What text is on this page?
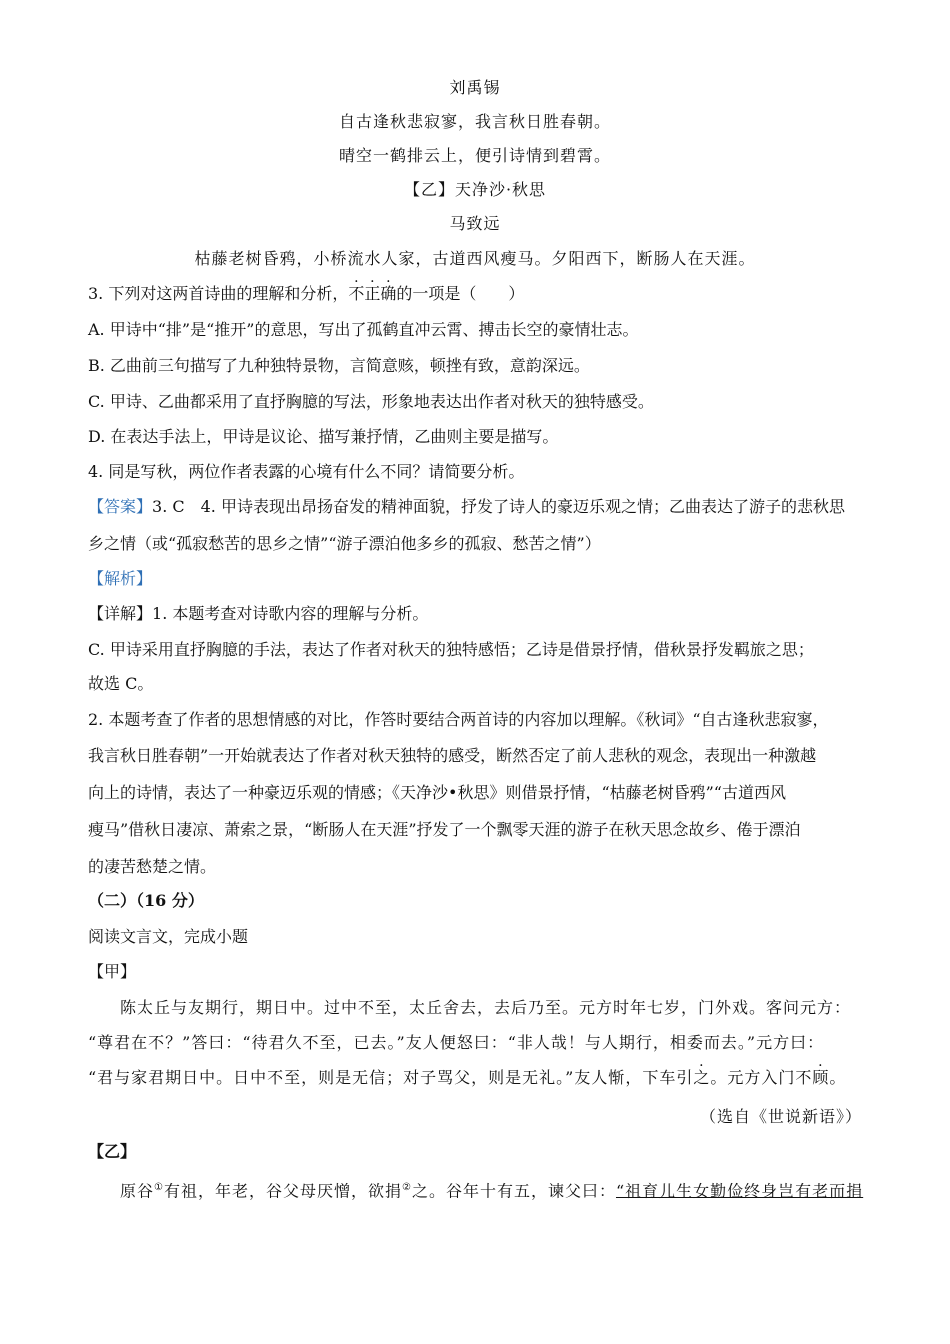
刘禹锡
自古逢秋悲寂寥，我言秋日胜春朝。
晴空一鹤排云上，便引诗情到碧霄。
【乙】天净沙·秋思
马致远
枯藤老树昏鸦，小桥流水人家，古道西风瘦马。夕阳西下，断肠人在天涯。
3. 下列对这两首诗曲的理解和分析，不正确的一项是（　　）
A. 甲诗中“排”是“推开”的意思，写出了孤鹤直冲云霄、搏击长空的豪情壮志。
B. 乙曲前三句描写了九种独特景物，言简意赅，顿挫有致，意韵深远。
C. 甲诗、乙曲都采用了直抒胸臆的写法，形象地表达出作者对秋天的独特感受。
D. 在表达手法上，甲诗是议论、描写兼抒情，乙曲则主要是描写。
4. 同是写秋，两位作者表露的心境有什么不同？请简要分析。
【答案】3. C　4. 甲诗表现出昂扬奋发的精神面貌，抒发了诗人的豪迈乐观之情；乙曲表达了游子的悲秋思
乡之情（或“孤寂愁苦的思乡之情”“游子漂泊他多乡的孤寂、愁苦之情”）
【解析】
【详解】1. 本题考查对诗歌内容的理解与分析。
C. 甲诗采用直抒胸臆的手法，表达了作者对秋天的独特感悟；乙诗是借景抒情，借秋景抒发羁旅之思；
故选 C。
2. 本题考查了作者的思想情感的对比，作答时要结合两首诗的内容加以理解。《秋词》“自古逢秋悲寂寥，
我言秋日胜春朝”一开始就表达了作者对秋天独特的感受，断然否定了前人悲秋的观念，表现出一种激越
向上的诗情，表达了一种豪迈乐观的情感；《天净沙•秋思》则借景抒情，“枯藤老树昏鸦”“古道西风
瘦马”借秋日凄凉、萧索之景，“断肠人在天涯”抒发了一个飘零天涯的游子在秋天思念故乡、倦于漂泊
的凄苦愁楚之情。
（二）（16 分）
阅读文言文，完成小题
【甲】
陈太丘与友期行，期日中。过中不至，太丘舍去，去后乃至。元方时年七岁，门外戏。客问元方：
“尊君在不？”答曰：“待君久不至，已去。”友人便怒曰：“非人哉！与人期行，相委而去。”元方曰：
“君与家君期日中。日中不至，则是无信；对子骂父，则是无礼。”友人惭，下车引之。元方入门不顾。
（选自《世说新语》）
【乙】
原谷①有祖，年老，谷父母厌憎，欲捐②之。谷年十有五，谏父曰：“祖育儿生女勤俭终身岂有老而捐
